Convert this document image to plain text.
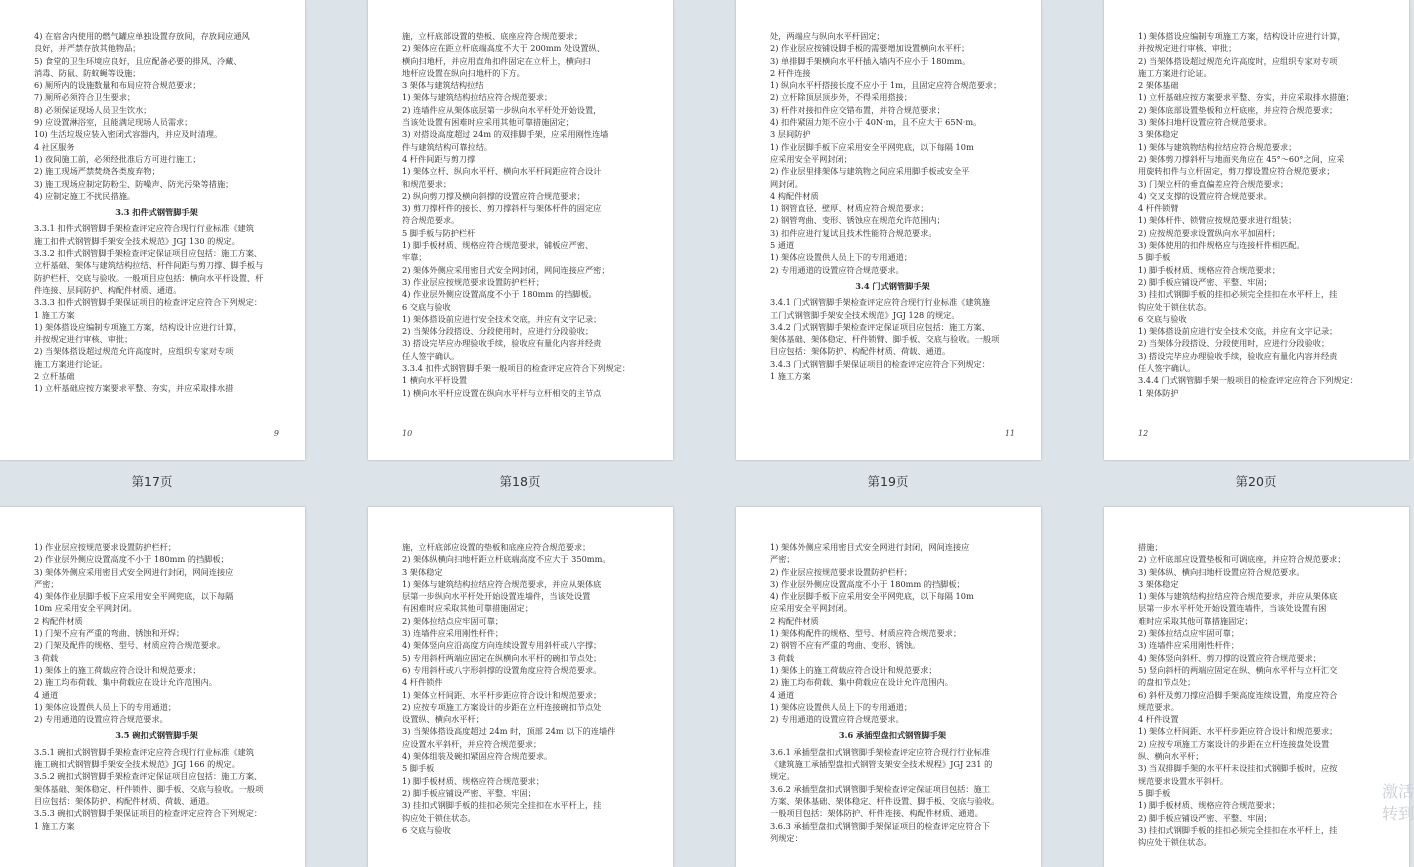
4) 在宿舍内使用的燃气罐应单独设置存放间，存放间应通风
良好，并严禁存放其他物品；
5) 食堂的卫生环境应良好，且应配备必要的排风、冷藏、
消毒、防鼠、防蚊蝇等设施；
6) 厕所内的设施数量和布局应符合规范要求；
7) 厕所必须符合卫生要求；
8) 必须保证现场人员卫生饮水；
9) 应设置淋浴室，且能满足现场人员需求；
10) 生活垃圾应装入密闭式容器内，并应及时清理。
4 社区服务
1) 夜间施工前，必须经批准后方可进行施工；
2) 施工现场严禁焚烧各类废弃物；
3) 施工现场应制定防粉尘、防噪声、防光污染等措施；
4) 应制定施工不扰民措施。
3.3 扣件式钢管脚手架
3.3.1 扣件式钢管脚手架检查评定应符合现行行业标准《建筑
施工扣件式钢管脚手架安全技术规范》JGJ 130 的规定。
3.3.2 扣件式钢管脚手架检查评定保证项目应包括：施工方案、
立杆基础、架体与建筑结构拉结、杆件间距与剪刀撑、脚手板与
防护栏杆、交底与验收。一般项目应包括：横向水平杆设置、杆
件连接、层间防护、构配件材质、通道。
3.3.3 扣件式钢管脚手架保证项目的检查评定应符合下列规定：
1 施工方案
1) 架体搭设应编制专项施工方案，结构设计应进行计算，
并按规定进行审核、审批；
2) 当架体搭设超过规范允许高度时，应组织专家对专项
施工方案进行论证。
2 立杆基础
1) 立杆基础应按方案要求平整、夯实，并应采取排水措
9
施，立杆底部设置的垫板、底座应符合规范要求；
2) 架体应在距立杆底端高度不大于 200mm 处设置纵、
横向扫地杆，并应用直角扣件固定在立杆上，横向扫
地杆应设置在纵向扫地杆的下方。
3 架体与建筑结构拉结
1) 架体与建筑结构拉结应符合规范要求；
2) 连墙件应从架体底层第一步纵向水平杆处开始设置，
当该处设置有困难时应采用其他可靠措施固定；
3) 对搭设高度超过 24m 的双排脚手架，应采用刚性连墙
件与建筑结构可靠拉结。
4 杆件间距与剪刀撑
1) 架体立杆、纵向水平杆、横向水平杆间距应符合设计
和规范要求；
2) 纵向剪刀撑及横向斜撑的设置应符合规范要求；
3) 剪刀撑杆件的接长、剪刀撑斜杆与架体杆件的固定应
符合规范要求。
5 脚手板与防护栏杆
1) 脚手板材质、规格应符合规范要求，铺板应严密、
牢靠；
2) 架体外侧应采用密目式安全网封闭，网间连接应严密；
3) 作业层应按规范要求设置防护栏杆；
4) 作业层外侧应设置高度不小于 180mm 的挡脚板。
6 交底与验收
1) 架体搭设前应进行安全技术交底，并应有文字记录；
2) 当架体分段搭设、分段使用时，应进行分段验收；
3) 搭设完毕应办理验收手续，验收应有量化内容并经责
任人签字确认。
3.3.4 扣件式钢管脚手架一般项目的检查评定应符合下列规定：
1 横向水平杆设置
1) 横向水平杆应设置在纵向水平杆与立杆相交的主节点
10
处，两端应与纵向水平杆固定；
2) 作业层应按铺设脚手板的需要增加设置横向水平杆；
3) 单排脚手架横向水平杆插入墙内不应小于 180mm。
2 杆件连接
1) 纵向水平杆搭接长度不应小于 1m，且固定应符合规范要求；
2) 立杆除顶层顶步外，不得采用搭接；
3) 杆件对接扣件应交错布置，并符合规范要求；
4) 扣件紧固力矩不应小于 40N·m，且不应大于 65N·m。
3 层间防护
1) 作业层脚手板下应采用安全平网兜底，以下每隔 10m
应采用安全平网封闭；
2) 作业层里排架体与建筑物之间应采用脚手板或安全平
网封闭。
4 构配件材质
1) 钢管直径、壁厚、材质应符合规范要求；
2) 钢管弯曲、变形、锈蚀应在规范允许范围内；
3) 扣件应进行复试且技术性能符合规范要求。
5 通道
1) 架体应设置供人员上下的专用通道；
2) 专用通道的设置应符合规范要求。
3.4 门式钢管脚手架
3.4.1 门式钢管脚手架检查评定应符合现行行业标准《建筑施
工门式钢管脚手架安全技术规范》JGJ 128 的规定。
3.4.2 门式钢管脚手架检查评定保证项目应包括：施工方案、
架体基础、架体稳定、杆件锁臂、脚手板、交底与验收。一般项
目应包括：架体防护、构配件材质、荷载、通道。
3.4.3 门式钢管脚手架保证项目的检查评定应符合下列规定：
1 施工方案
11
1) 架体搭设应编制专项施工方案，结构设计应进行计算，
并按规定进行审核、审批；
2) 当架体搭设超过规范允许高度时，应组织专家对专项
施工方案进行论证。
2 架体基础
1) 立杆基础应按方案要求平整、夯实，并应采取排水措施；
2) 架体底部设置垫板和立杆底座，并应符合规范要求；
3) 架体扫地杆设置应符合规范要求。
3 架体稳定
1) 架体与建筑物结构拉结应符合规范要求；
2) 架体剪刀撑斜杆与地面夹角应在 45°～60°之间，应采
用旋转扣件与立杆固定，剪刀撑设置应符合规范要求；
3) 门架立杆的垂直偏差应符合规范要求；
4) 交叉支撑的设置应符合规范要求。
4 杆件锁臂
1) 架体杆件、锁臂应按规范要求进行组装；
2) 应按规范要求设置纵向水平加固杆；
3) 架体使用的扣件规格应与连接杆件相匹配。
5 脚手板
1) 脚手板材质、规格应符合规范要求；
2) 脚手板应铺设严密、平整、牢固；
3) 挂扣式钢脚手板的挂扣必须完全挂扣在水平杆上，挂
钩应处于锁住状态。
6 交底与验收
1) 架体搭设前应进行安全技术交底，并应有文字记录；
2) 当架体分段搭设、分段使用时，应进行分段验收；
3) 搭设完毕应办理验收手续，验收应有量化内容并经责
任人签字确认。
3.4.4 门式钢管脚手架一般项目的检查评定应符合下列规定：
1 架体防护
12
1) 作业层应按规范要求设置防护栏杆；
2) 作业层外侧应设置高度不小于 180mm 的挡脚板；
3) 架体外侧应采用密目式安全网进行封闭，网间连接应
严密；
4) 架体作业层脚手板下应采用安全平网兜底，以下每隔
10m 应采用安全平网封闭。
2 构配件材质
1) 门架不应有严重的弯曲、锈蚀和开焊；
2) 门架及配件的规格、型号、材质应符合规范要求。
3 荷载
1) 架体上的施工荷载应符合设计和规范要求；
2) 施工均布荷载、集中荷载应在设计允许范围内。
4 通道
1) 架体应设置供人员上下的专用通道；
2) 专用通道的设置应符合规范要求。
3.5 碗扣式钢管脚手架
3.5.1 碗扣式钢管脚手架检查评定应符合现行行业标准《建筑
施工碗扣式钢管脚手架安全技术规范》JGJ 166 的规定。
3.5.2 碗扣式钢管脚手架检查评定保证项目应包括：施工方案、
架体基础、架体稳定、杆件锁件、脚手板、交底与验收。一般项
目应包括：架体防护、构配件材质、荷载、通道。
3.5.3 碗扣式钢管脚手架保证项目的检查评定应符合下列规定：
1 施工方案
施，立杆底部应设置的垫板和底座应符合规范要求；
2) 架体纵横向扫地杆距立杆底端高度不应大于 350mm。
3 架体稳定
1) 架体与建筑结构拉结应符合规范要求，并应从架体底
层第一步纵向水平杆处开始设置连墙件，当该处设置
有困难时应采取其他可靠措施固定；
2) 架体拉结点应牢固可靠；
3) 连墙件应采用刚性杆件；
4) 架体竖向应沿高度方向连续设置专用斜杆或八字撑；
5) 专用斜杆两端应固定在纵横向水平杆的碗扣节点处；
6) 专用斜杆或八字形斜撑的设置角度应符合规范要求。
4 杆件锁件
1) 架体立杆间距、水平杆步距应符合设计和规范要求；
2) 应按专项施工方案设计的步距在立杆连接碗扣节点处
设置纵、横向水平杆；
3) 当架体搭设高度超过 24m 时，顶部 24m 以下的连墙件
应设置水平斜杆，并应符合规范要求；
4) 架体组装及碗扣紧固应符合规范要求。
5 脚手板
1) 脚手板材质、规格应符合规范要求；
2) 脚手板应铺设严密、平整、牢固；
3) 挂扣式钢脚手板的挂扣必须完全挂扣在水平杆上，挂
钩应处于锁住状态。
6 交底与验收
1) 架体外侧应采用密目式安全网进行封闭，网间连接应
严密；
2) 作业层应按规范要求设置防护栏杆；
3) 作业层外侧应设置高度不小于 180mm 的挡脚板；
4) 作业层脚手板下应采用安全平网兜底，以下每隔 10m
应采用安全平网封闭。
2 构配件材质
1) 架体构配件的规格、型号、材质应符合规范要求；
2) 钢管不应有严重的弯曲、变形、锈蚀。
3 荷载
1) 架体上的施工荷载应符合设计和规范要求；
2) 施工均布荷载、集中荷载应在设计允许范围内。
4 通道
1) 架体应设置供人员上下的专用通道；
2) 专用通道的设置应符合规范要求。
3.6 承插型盘扣式钢管脚手架
3.6.1 承插型盘扣式钢管脚手架检查评定应符合现行行业标准
《建筑施工承插型盘扣式钢管支架安全技术规程》JGJ 231 的
规定。
3.6.2 承插型盘扣式钢管脚手架检查评定保证项目包括：施工
方案、架体基础、架体稳定、杆件设置、脚手板、交底与验收。
一般项目包括：架体防护、杆件连接、构配件材质、通道。
3.6.3 承插型盘扣式钢管脚手架保证项目的检查评定应符合下
列规定：
措施；
2) 立杆底部应设置垫板和可调底座，并应符合规范要求；
3) 架体纵、横向扫地杆设置应符合规范要求。
3 架体稳定
1) 架体与建筑结构拉结应符合规范要求，并应从架体底
层第一步水平杆处开始设置连墙件，当该处设置有困
难时应采取其他可靠措施固定；
2) 架体拉结点应牢固可靠；
3) 连墙件应采用刚性杆件；
4) 架体竖向斜杆、剪刀撑的设置应符合规范要求；
5) 竖向斜杆的两端应固定在纵、横向水平杆与立杆汇交
的盘扣节点处；
6) 斜杆及剪刀撑应沿脚手架高度连续设置，角度应符合
规范要求。
4 杆件设置
1) 架体立杆间距、水平杆步距应符合设计和规范要求；
2) 应按专项施工方案设计的步距在立杆连接盘处设置
纵、横向水平杆；
3) 当双排脚手架的水平杆未设挂扣式钢脚手板时，应按
规范要求设置水平斜杆。
5 脚手板
1) 脚手板材质、规格应符合规范要求；
2) 脚手板应铺设严密、平整、牢固；
3) 挂扣式钢脚手板的挂扣必须完全挂扣在水平杆上，挂
钩应处于锁住状态。
第17页	第18页	第19页	第20页
激活
转到
